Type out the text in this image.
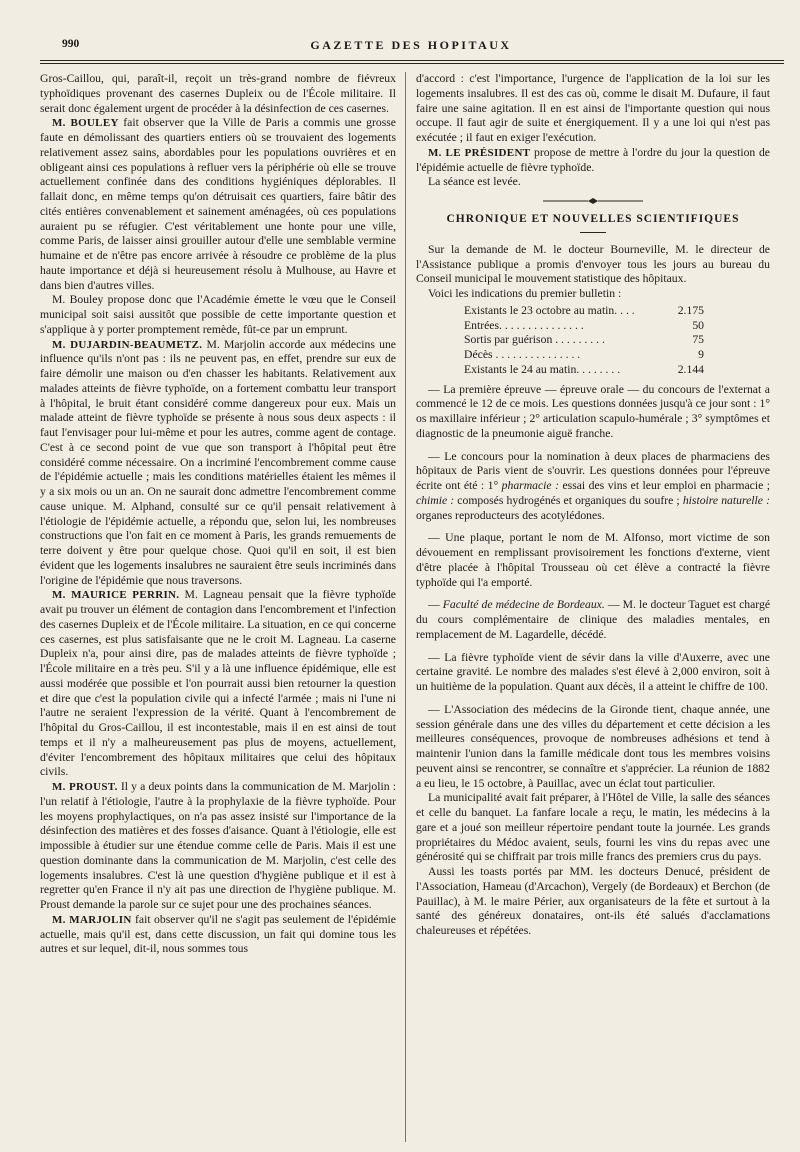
990	GAZETTE DES HOPITAUX

Gros-Caillou, qui, paraît-il, reçoit un très-grand nombre de fiévreux typhoïdiques provenant des casernes Dupleix ou de l'École militaire. Il serait donc également urgent de procéder à la désinfection de ces casernes.

M. BOULEY fait observer que la Ville de Paris a commis une grosse faute en démolissant des quartiers entiers où se trouvaient des logements relativement assez sains, abordables pour les populations ouvrières et en obligeant ainsi ces populations à refluer vers la périphérie où elle se trouve actuellement confinée dans des conditions hygiéniques déplorables. Il fallait donc, en même temps qu'on détruisait ces quartiers, faire bâtir des cités entières convenablement et sainement aménagées, où ces populations auraient pu se réfugier. C'est véritablement une honte pour une ville, comme Paris, de laisser ainsi grouiller autour d'elle une semblable vermine humaine et de n'être pas encore arrivée à résoudre ce problème de la plus haute importance et déjà si heureusement résolu à Mulhouse, au Havre et dans bien d'autres villes.

M. Bouley propose donc que l'Académie émette le vœu que le Conseil municipal soit saisi aussitôt que possible de cette importante question et s'applique à y porter promptement remède, fût-ce par un emprunt.

M. DUJARDIN-BEAUMETZ. M. Marjolin accorde aux médecins une influence qu'ils n'ont pas : ils ne peuvent pas, en effet, prendre sur eux de faire démolir une maison ou d'en chasser les habitants. Relativement aux malades atteints de fièvre typhoïde, on a fortement combattu leur transport à l'hôpital, le bruit étant considéré comme dangereux pour eux. Mais un malade atteint de fièvre typhoïde se présente à nous sous deux aspects : il faut l'envisager pour lui-même et pour les autres, comme agent de contage. C'est à ce second point de vue que son transport à l'hôpital peut être considéré comme nécessaire. On a incriminé l'encombrement comme cause de l'épidémie actuelle ; mais les conditions matérielles étaient les mêmes il y a six mois ou un an. On ne saurait donc admettre l'encombrement comme cause unique. M. Alphand, consulté sur ce qu'il pensait relativement à l'étiologie de l'épidémie actuelle, a répondu que, selon lui, les nombreuses constructions que l'on fait en ce moment à Paris, les grands remuements de terre doivent y être pour quelque chose. Quoi qu'il en soit, il est bien évident que les logements insalubres ne sauraient être seuls incriminés dans l'origine de l'épidémie que nous traversons.

M. MAURICE PERRIN. M. Lagneau pensait que la fièvre typhoïde avait pu trouver un élément de contagion dans l'encombrement et l'infection des casernes Dupleix et de l'École militaire. La situation, en ce qui concerne ces casernes, est plus satisfaisante que ne le croit M. Lagneau. La caserne Dupleix n'a, pour ainsi dire, pas de malades atteints de fièvre typhoïde ; l'École militaire en a très peu. S'il y a là une influence épidémique, elle est aussi modérée que possible et l'on pourrait aussi bien retourner la question et dire que c'est la population civile qui a infecté l'armée ; mais ni l'une ni l'autre ne seraient l'expression de la vérité. Quant à l'encombrement de l'hôpital du Gros-Caillou, il est incontestable, mais il en est ainsi de tout temps et il n'y a malheureusement pas plus de moyens, actuellement, d'éviter l'encombrement des hôpitaux militaires que celui des hôpitaux civils.

M. PROUST. Il y a deux points dans la communication de M. Marjolin : l'un relatif à l'étiologie, l'autre à la prophylaxie de la fièvre typhoïde. Pour les moyens prophylactiques, on n'a pas assez insisté sur l'importance de la désinfection des matières et des fosses d'aisance. Quant à l'étiologie, elle est impossible à étudier sur une étendue comme celle de Paris. Mais il est une question dominante dans la communication de M. Marjolin, c'est celle des logements insalubres. C'est là une question d'hygiène publique et il est à regretter qu'en France il n'y ait pas une direction de l'hygiène publique. M. Proust demande la parole sur ce sujet pour une des prochaines séances.

M. MARJOLIN fait observer qu'il ne s'agit pas seulement de l'épidémie actuelle, mais qu'il est, dans cette discussion, un fait qui domine tous les autres et sur lequel, dit-il, nous sommes tous

d'accord : c'est l'importance, l'urgence de l'application de la loi sur les logements insalubres. Il est des cas où, comme le disait M. Dufaure, il faut faire une saine agitation. Il en est ainsi de l'importante question qui nous occupe. Il faut agir de suite et énergiquement. Il y a une loi qui n'est pas exécutée ; il faut en exiger l'exécution.

M. LE PRÉSIDENT propose de mettre à l'ordre du jour la question de l'épidémie actuelle de fièvre typhoïde.

La séance est levée.

CHRONIQUE ET NOUVELLES SCIENTIFIQUES

Sur la demande de M. le docteur Bourneville, M. le directeur de l'Assistance publique a promis d'envoyer tous les jours au bureau du Conseil municipal le mouvement statistique des hôpitaux.

Voici les indications du premier bulletin :

Existants le 23 octobre au matin. . . .	2.175
Entrées. . . . . . . . . . . . . . .	50
Sortis par guérison . . . . . . . . .	75
Décès . . . . . . . . . . . . . . .	9
Existants le 24 au matin. . . . . . . .	2.144

— La première épreuve — épreuve orale — du concours de l'externat a commencé le 12 de ce mois. Les questions données jusqu'à ce jour sont : 1° os maxillaire inférieur ; 2° articulation scapulo-humérale ; 3° symptômes et diagnostic de la pneumonie aiguë franche.

— Le concours pour la nomination à deux places de pharmaciens des hôpitaux de Paris vient de s'ouvrir. Les questions données pour l'épreuve écrite ont été : 1° pharmacie : essai des vins et leur emploi en pharmacie ; chimie : composés hydrogénés et organiques du soufre ; histoire naturelle : organes reproducteurs des acotylédones.

— Une plaque, portant le nom de M. Alfonso, mort victime de son dévouement en remplissant provisoirement les fonctions d'externe, vient d'être placée à l'hôpital Trousseau où cet élève a contracté la fièvre typhoïde qui l'a emporté.

— Faculté de médecine de Bordeaux. — M. le docteur Taguet est chargé du cours complémentaire de clinique des maladies mentales, en remplacement de M. Lagardelle, décédé.

— La fièvre typhoïde vient de sévir dans la ville d'Auxerre, avec une certaine gravité. Le nombre des malades s'est élevé à 2,000 environ, soit à un huitième de la population. Quant aux décès, il a atteint le chiffre de 100.

— L'Association des médecins de la Gironde tient, chaque année, une session générale dans une des villes du département et cette décision a les meilleures conséquences, provoque de nombreuses adhésions et tend à maintenir l'union dans la famille médicale dont tous les membres voisins peuvent ainsi se rencontrer, se connaître et s'apprécier. La réunion de 1882 a eu lieu, le 15 octobre, à Pauillac, avec un éclat tout particulier.

La municipalité avait fait préparer, à l'Hôtel de Ville, la salle des séances et celle du banquet. La fanfare locale a reçu, le matin, les médecins à la gare et a joué son meilleur répertoire pendant toute la journée. Les grands propriétaires du Médoc avaient, seuls, fourni les vins du repas avec une générosité qui se chiffrait par trois mille francs des premiers crus du pays.

Aussi les toasts portés par MM. les docteurs Denucé, président de l'Association, Hameau (d'Arcachon), Vergely (de Bordeaux) et Berchon (de Pauillac), à M. le maire Périer, aux organisateurs de la fête et surtout à la santé des généreux donataires, ont-ils été salués d'acclamations chaleureuses et répétées.
